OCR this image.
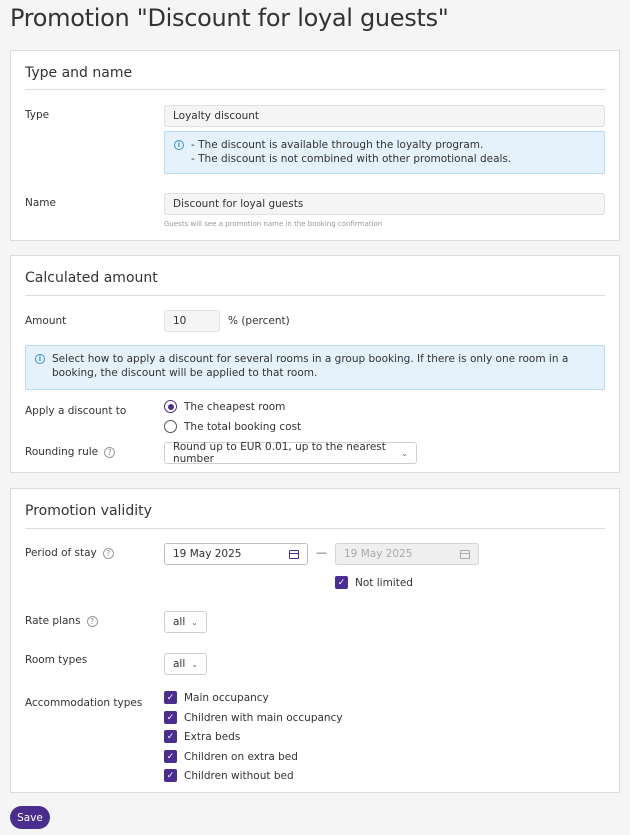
Promotion "Discount for loyal guests"
Type and name
Type	Loyalty discount
i	- The discount is available through the loyalty program.
- The discount is not combined with other promotional deals.
Name	Discount for loyal guests
Guests will see a promotion name in the booking confirmation
Calculated amount
Amount	10	% (percent)
i	Select how to apply a discount for several rooms in a group booking. If there is only one room in a booking, the discount will be applied to that room.
Apply a discount to	The cheapest room
The total booking cost
Rounding rule	?	Round up to EUR 0.01, up to the nearest number	⌄
Promotion validity
Period of stay	?	19 May 2025	— 19 May 2025
✓ Not limited
Rate plans	?	all ⌄
Room types	all ⌄
Accommodation types	✓ Main occupancy
✓ Children with main occupancy
✓ Extra beds
✓ Children on extra bed
✓ Children without bed
Save
